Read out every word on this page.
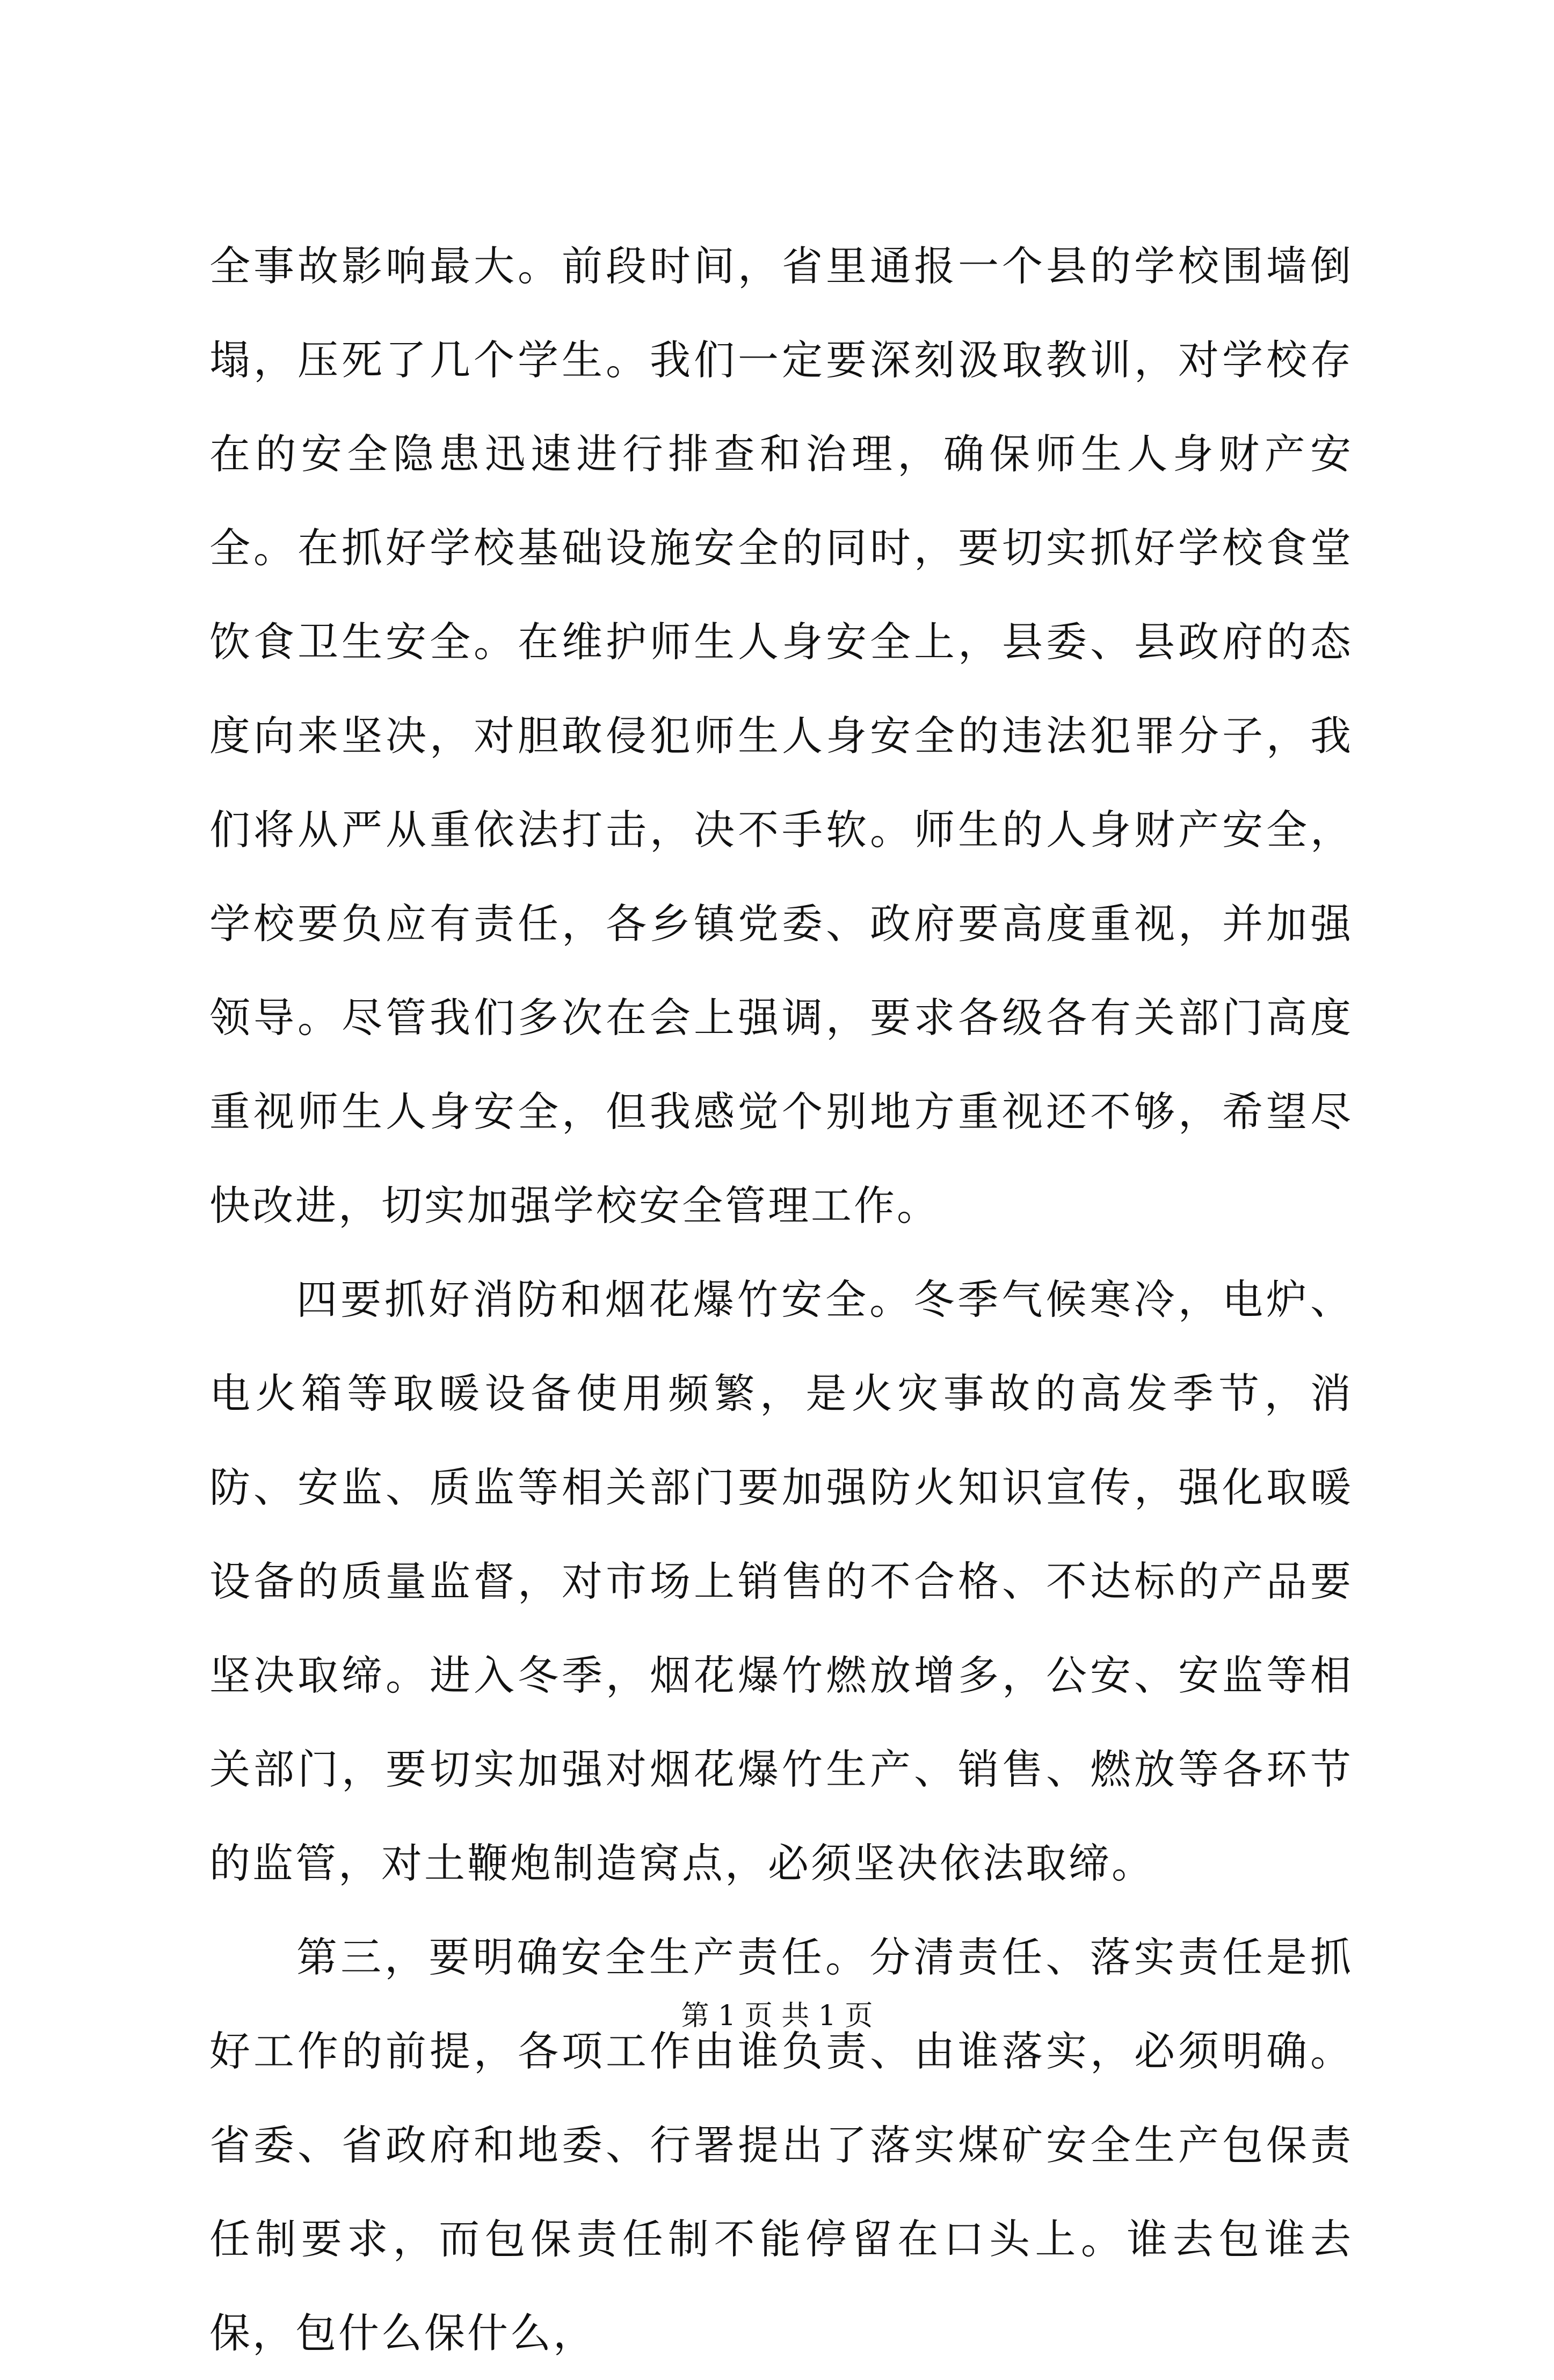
全事故影响最大。前段时间，省里通报一个县的学校围墙倒塌，压死了几个学生。我们一定要深刻汲取教训，对学校存在的安全隐患迅速进行排查和治理，确保师生人身财产安全。在抓好学校基础设施安全的同时，要切实抓好学校食堂饮食卫生安全。在维护师生人身安全上，县委、县政府的态度向来坚决，对胆敢侵犯师生人身安全的违法犯罪分子，我们将从严从重依法打击，决不手软。师生的人身财产安全，学校要负应有责任，各乡镇党委、政府要高度重视，并加强领导。尽管我们多次在会上强调，要求各级各有关部门高度重视师生人身安全，但我感觉个别地方重视还不够，希望尽快改进，切实加强学校安全管理工作。

四要抓好消防和烟花爆竹安全。冬季气候寒冷，电炉、电火箱等取暖设备使用频繁，是火灾事故的高发季节，消防、安监、质监等相关部门要加强防火知识宣传，强化取暖设备的质量监督，对市场上销售的不合格、不达标的产品要坚决取缔。进入冬季，烟花爆竹燃放增多，公安、安监等相关部门，要切实加强对烟花爆竹生产、销售、燃放等各环节的监管，对土鞭炮制造窝点，必须坚决依法取缔。

第三，要明确安全生产责任。分清责任、落实责任是抓好工作的前提，各项工作由谁负责、由谁落实，必须明确。省委、省政府和地委、行署提出了落实煤矿安全生产包保责任制要求，而包保责任制不能停留在口头上。谁去包谁去保，包什么保什么，

第 1 页 共 1 页
